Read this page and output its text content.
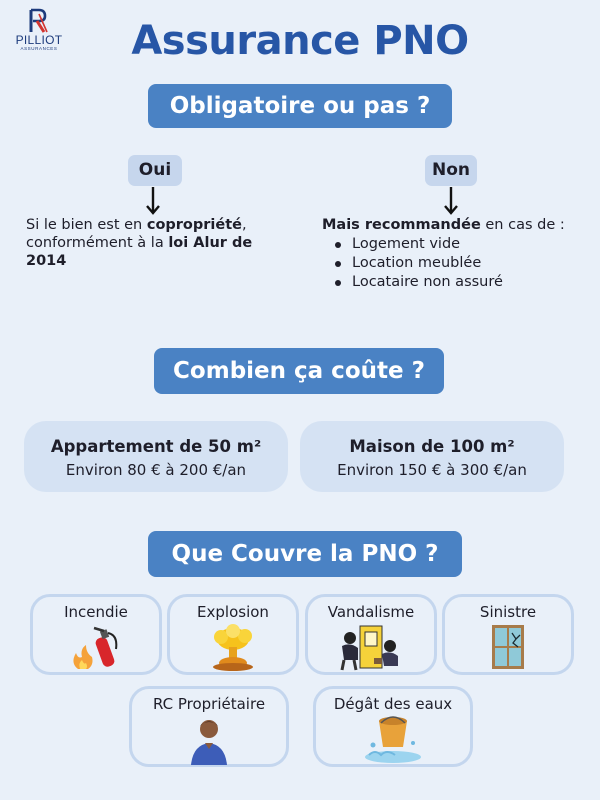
PILLIOT
ASSURANCES	Assurance PNO
Obligatoire ou pas ?
Oui
Si le bien est en copropriété, conformément à la loi Alur de 2014
Non
Mais recommandée en cas de :
Logement vide
Location meublée
Locataire non assuré
Combien ça coûte ?
Appartement de 50 m²
Environ 80 € à 200 €/an
Maison de 100 m²
Environ 150 € à 300 €/an
Que Couvre la PNO ?
Incendie	Explosion	Vandalisme	Sinistre
RC Propriétaire	Dégât des eaux
